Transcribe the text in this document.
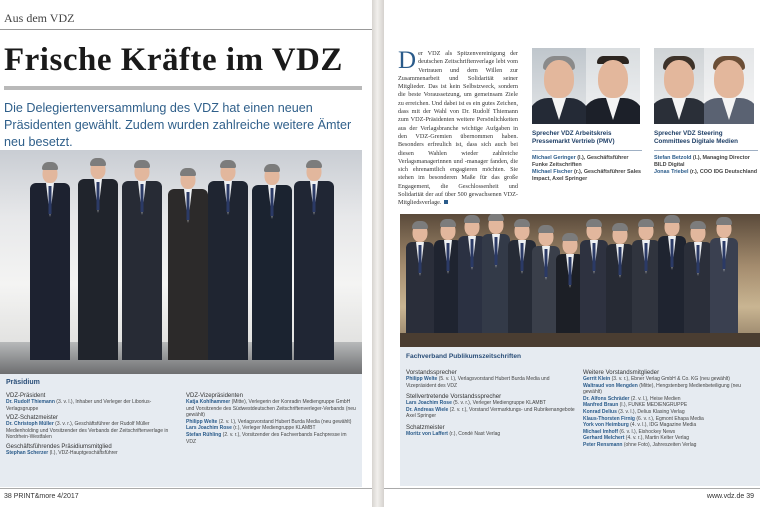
Aus dem VDZ
Frische Kräfte im VDZ

Die Delegiertenversammlung des VDZ hat einen neuen Präsidenten gewählt. Zudem wurden zahlreiche weitere Ämter neu besetzt.

Präsidium
VDZ-Präsident
Dr. Rudolf Thiemann (3. v. l.), Inhaber und Verleger der Liborius-Verlagsgruppe
VDZ-Schatzmeister
Dr. Christoph Müller (3. v. r.), Geschäftsführer der Rudolf Müller Medienholding und Vorsitzender des Verbands der Zeitschriftenverlage in Nordrhein-Westfalen
Geschäftsführendes Präsidiumsmitglied
Stephan Scherzer (l.), VDZ-Hauptgeschäftsführer
VDZ-Vizepräsidenten
Katja Kohlhammer (Mitte), Verlegerin der Konradin Mediengruppe GmbH und Vorsitzende des Südwestdeutschen Zeitschriftenverleger-Verbands (neu gewählt)
Philipp Welte (2. v. l.), Verlagsvorstand Hubert Burda Media (neu gewählt)
Lars Joachim Rose (r.), Verleger Mediengruppe KLAMBT
Stefan Rühling (2. v. r.), Vorsitzender des Fachverbands Fachpresse im VDZ
38 PRINT&more 4/2017
Der VDZ als Spitzenvereinigung der deutschen Zeitschriftenverlage lebt vom Vertrauen und dem Willen zur Zusammenarbeit und Solidarität seiner Mitglieder. Das ist kein Selbstzweck, sondern die beste Voraussetzung, um gemeinsam Ziele zu erreichen. Und dabei ist es ein gutes Zeichen, dass mit der Wahl von Dr. Rudolf Thiemann zum VDZ-Präsidenten weitere Persönlichkeiten aus der Verlagsbranche wichtige Aufgaben in den VDZ-Gremien übernommen haben. Besonders erfreulich ist, dass sich auch bei diesen Wahlen wieder zahlreiche Verlagsmanagerinnen und -manager fanden, die sich ehrenamtlich engagieren möchten. Sie stehen im besonderen Maße für das große Engagement, die Geschlossenheit und Solidarität der auf über 500 gewachsenen VDZ-Mitgliedsverlage.
Sprecher VDZ Arbeitskreis Pressemarkt Vertrieb (PMV)
Michael Geringer (l.), Geschäftsführer Funke Zeitschriften
Michael Fischer (r.), Geschäftsführer Sales Impact, Axel Springer
Sprecher VDZ Steering Committees Digitale Medien
Stefan Betzold (l.), Managing Director BILD Digital
Jonas Triebel (r.), COO IDG Deutschland
Fachverband Publikumszeitschriften
Vorstandssprecher
Philipp Welte (5. v. l.), Verlagsvorstand Hubert Burda Media und Vizepräsident des VDZ
Stellvertretende Vorstandssprecher
Lars Joachim Rose (5. v. r.), Verleger Mediengruppe KLAMBT
Dr. Andreas Wiele (2. v. r.), Vorstand Vermarktungs- und Rubrikenangebote Axel Springer
Schatzmeister
Moritz von Laffert (r.), Condé Nast Verlag
Weitere Vorstandsmitglieder
Gerrit Klein (3. v. r.), Ebner Verlag GmbH & Co. KG (neu gewählt)
Waltraud von Mengden (Mitte), Hengstenberg Medienbeteiligung (neu gewählt)
Dr. Alfons Schräder (2. v. l.), Heise Medien
Manfred Braun (l.), FUNKE MEDIENGRUPPE
Konrad Delius (3. v. l.), Delius Klasing Verlag
Klaus-Thorsten Firnig (6. v. r.), Egmont Ehapa Media
York von Heimburg (4. v. l.), IDG Magazine Media
Michael Imhoff (6. v. l.), Eishockey News
Gerhard Melchert (4. v. r.), Martin Kelter Verlag
Peter Rensmann (ohne Foto), Jahreszeiten Verlag
www.vdz.de 39
